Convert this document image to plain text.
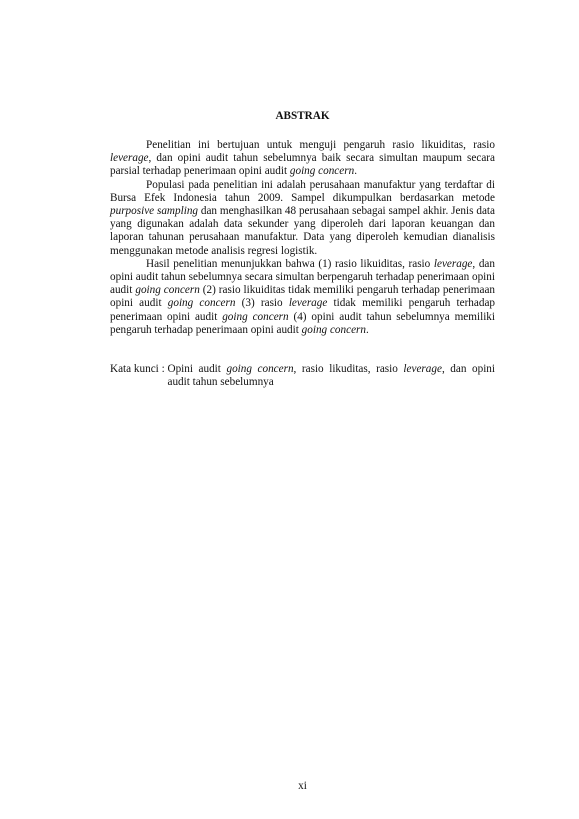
ABSTRAK

Penelitian ini bertujuan untuk menguji pengaruh rasio likuiditas, rasio leverage, dan opini audit tahun sebelumnya baik secara simultan maupum secara parsial terhadap penerimaan opini audit going concern.

Populasi pada penelitian ini adalah perusahaan manufaktur yang terdaftar di Bursa Efek Indonesia tahun 2009. Sampel dikumpulkan berdasarkan metode purposive sampling dan menghasilkan 48 perusahaan sebagai sampel akhir. Jenis data yang digunakan adalah data sekunder yang diperoleh dari laporan keuangan dan laporan tahunan perusahaan manufaktur. Data yang diperoleh kemudian dianalisis menggunakan metode analisis regresi logistik.

Hasil penelitian menunjukkan bahwa (1) rasio likuiditas, rasio leverage, dan opini audit tahun sebelumnya secara simultan berpengaruh terhadap penerimaan opini audit going concern (2) rasio likuiditas tidak memiliki pengaruh terhadap penerimaan opini audit going concern (3) rasio leverage tidak memiliki pengaruh terhadap penerimaan opini audit going concern (4) opini audit tahun sebelumnya memiliki pengaruh terhadap penerimaan opini audit going concern.

Kata kunci : Opini audit going concern, rasio likuditas, rasio leverage, dan opini audit tahun sebelumnya
xi
